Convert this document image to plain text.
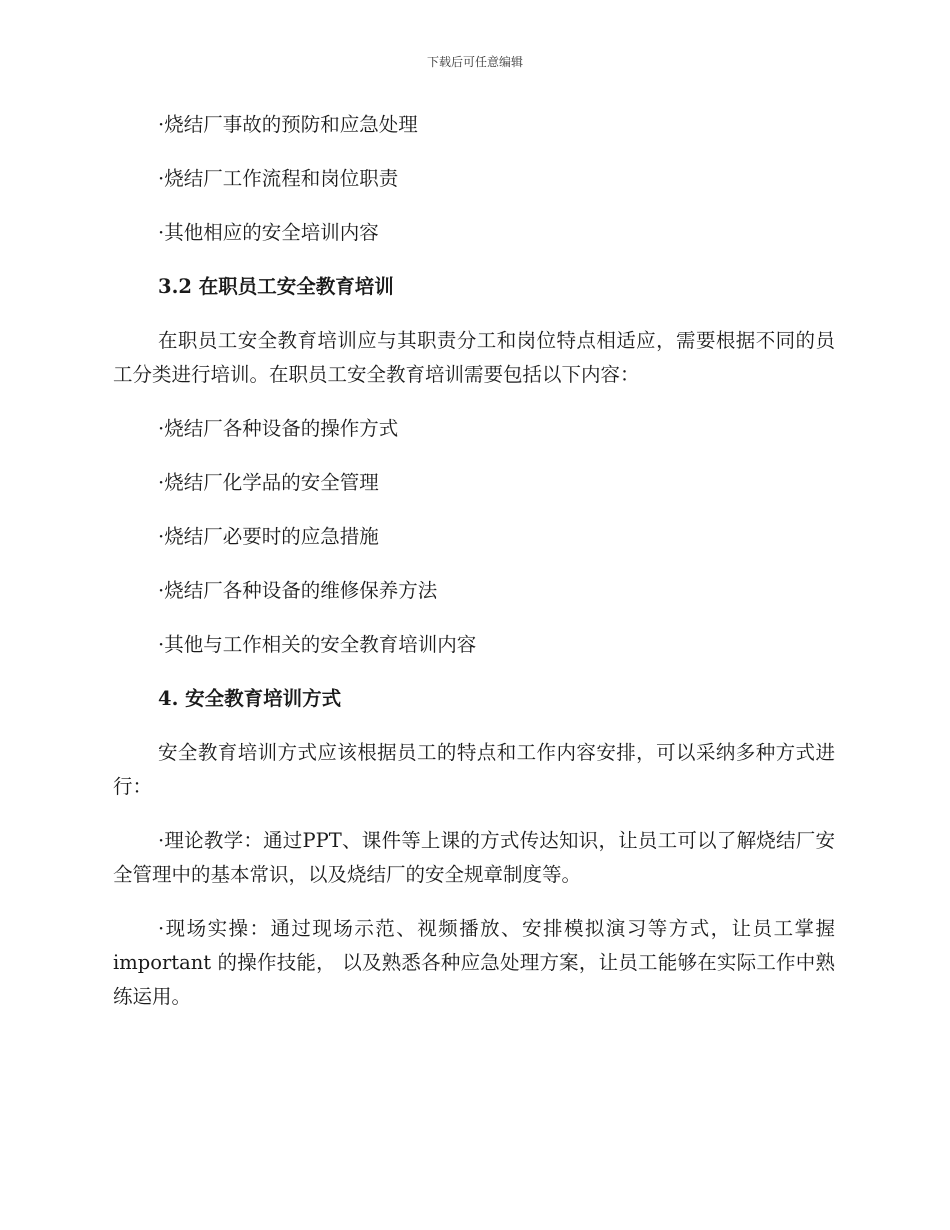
下载后可任意编辑
·烧结厂事故的预防和应急处理
·烧结厂工作流程和岗位职责
·其他相应的安全培训内容
3.2 在职员工安全教育培训
在职员工安全教育培训应与其职责分工和岗位特点相适应，需要根据不同的员工分类进行培训。在职员工安全教育培训需要包括以下内容：
·烧结厂各种设备的操作方式
·烧结厂化学品的安全管理
·烧结厂必要时的应急措施
·烧结厂各种设备的维修保养方法
·其他与工作相关的安全教育培训内容
4. 安全教育培训方式
安全教育培训方式应该根据员工的特点和工作内容安排，可以采纳多种方式进行：
·理论教学：通过PPT、课件等上课的方式传达知识，让员工可以了解烧结厂安全管理中的基本常识，以及烧结厂的安全规章制度等。
·现场实操：通过现场示范、视频播放、安排模拟演习等方式，让员工掌握 important 的操作技能， 以及熟悉各种应急处理方案，让员工能够在实际工作中熟练运用。
